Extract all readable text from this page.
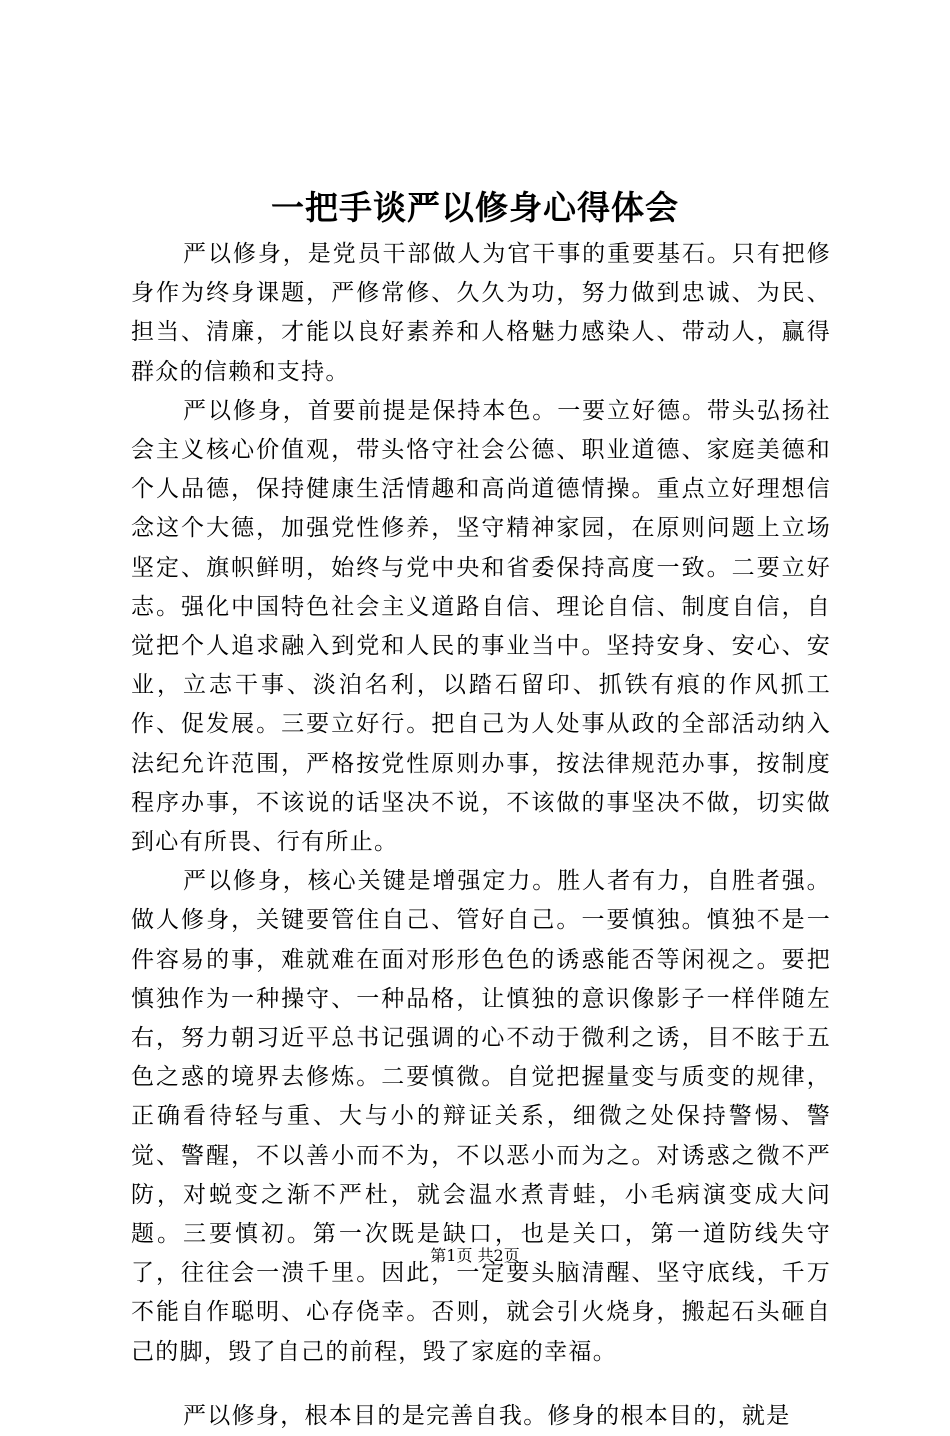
一把手谈严以修身心得体会

严以修身，是党员干部做人为官干事的重要基石。只有把修身作为终身课题，严修常修、久久为功，努力做到忠诚、为民、担当、清廉，才能以良好素养和人格魅力感染人、带动人，赢得群众的信赖和支持。

严以修身，首要前提是保持本色。一要立好德。带头弘扬社会主义核心价值观，带头恪守社会公德、职业道德、家庭美德和个人品德，保持健康生活情趣和高尚道德情操。重点立好理想信念这个大德，加强党性修养，坚守精神家园，在原则问题上立场坚定、旗帜鲜明，始终与党中央和省委保持高度一致。二要立好志。强化中国特色社会主义道路自信、理论自信、制度自信，自觉把个人追求融入到党和人民的事业当中。坚持安身、安心、安业，立志干事、淡泊名利，以踏石留印、抓铁有痕的作风抓工作、促发展。三要立好行。把自己为人处事从政的全部活动纳入法纪允许范围，严格按党性原则办事，按法律规范办事，按制度程序办事，不该说的话坚决不说，不该做的事坚决不做，切实做到心有所畏、行有所止。

严以修身，核心关键是增强定力。胜人者有力，自胜者强。做人修身，关键要管住自己、管好自己。一要慎独。慎独不是一件容易的事，难就难在面对形形色色的诱惑能否等闲视之。要把慎独作为一种操守、一种品格，让慎独的意识像影子一样伴随左右，努力朝习近平总书记强调的心不动于微利之诱，目不眩于五色之惑的境界去修炼。二要慎微。自觉把握量变与质变的规律，正确看待轻与重、大与小的辩证关系，细微之处保持警惕、警觉、警醒，不以善小而不为，不以恶小而为之。对诱惑之微不严防，对蜕变之渐不严杜，就会温水煮青蛙，小毛病演变成大问题。三要慎初。第一次既是缺口，也是关口，第一道防线失守了，往往会一溃千里。因此，一定要头脑清醒、坚守底线，千万不能自作聪明、心存侥幸。否则，就会引火烧身，搬起石头砸自己的脚，毁了自己的前程，毁了家庭的幸福。

严以修身，根本目的是完善自我。修身的根本目的，就是

第1页 共2页
